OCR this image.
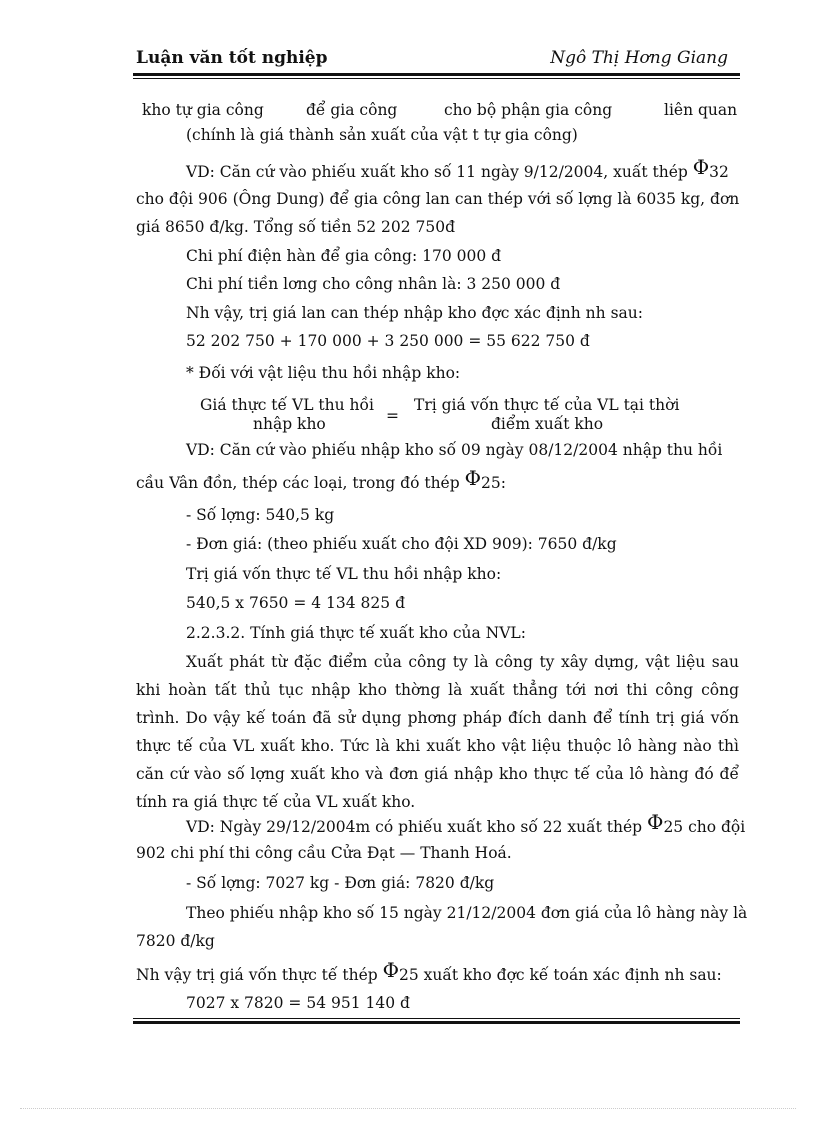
Luận văn tốt nghiệp	Ngô Thị Hơng Giang
kho tự gia công	để gia công	cho bộ phận gia công	liên quan
(chính là giá thành sản xuất của vật t tự gia công)
VD: Căn cứ vào phiếu xuất kho số 11 ngày 9/12/2004, xuất thép Φ32
cho đội 906 (Ông Dung) để gia công lan can thép với số lợng là 6035 kg, đơn
giá 8650 đ/kg. Tổng số tiền 52 202 750đ
Chi phí điện hàn để gia công: 170 000 đ
Chi phí tiền lơng cho công nhân là: 3 250 000 đ
Nh vậy, trị giá lan can thép nhập kho đợc xác định nh sau:
52 202 750 + 170 000 + 3 250 000 = 55 622 750 đ
* Đối với vật liệu thu hồi nhập kho:
Giá thực tế VL thu hồi
nhập kho	=
Trị giá vốn thực tế của VL tại thời
điểm xuất kho
VD: Căn cứ vào phiếu nhập kho số 09 ngày 08/12/2004 nhập thu hồi
cầu Vân đồn, thép các loại, trong đó thép Φ25:
- Số lợng: 540,5 kg
- Đơn giá: (theo phiếu xuất cho đội XD 909): 7650 đ/kg
Trị giá vốn thực tế VL thu hồi nhập kho:
540,5 x 7650 = 4 134 825 đ
2.2.3.2. Tính giá thực tế xuất kho của NVL:
Xuất phát từ đặc điểm của công ty là công ty xây dựng, vật liệu sau khi hoàn tất thủ tục nhập kho thờng là xuất thẳng tới nơi thi công công trình. Do vậy kế toán đã sử dụng phơng pháp đích danh để tính trị giá vốn thực tế của VL xuất kho. Tức là khi xuất kho vật liệu thuộc lô hàng nào thì căn cứ vào số lợng xuất kho và đơn giá nhập kho thực tế của lô hàng đó để tính ra giá thực tế của VL xuất kho.
VD: Ngày 29/12/2004m có phiếu xuất kho số 22 xuất thép Φ25 cho đội
902 chi phí thi công cầu Cửa Đạt — Thanh Hoá.
- Số lợng: 7027 kg - Đơn giá: 7820 đ/kg
Theo phiếu nhập kho số 15 ngày 21/12/2004 đơn giá của lô hàng này là
7820 đ/kg
Nh vậy trị giá vốn thực tế thép Φ25 xuất kho đợc kế toán xác định nh sau:
7027 x 7820 = 54 951 140 đ
